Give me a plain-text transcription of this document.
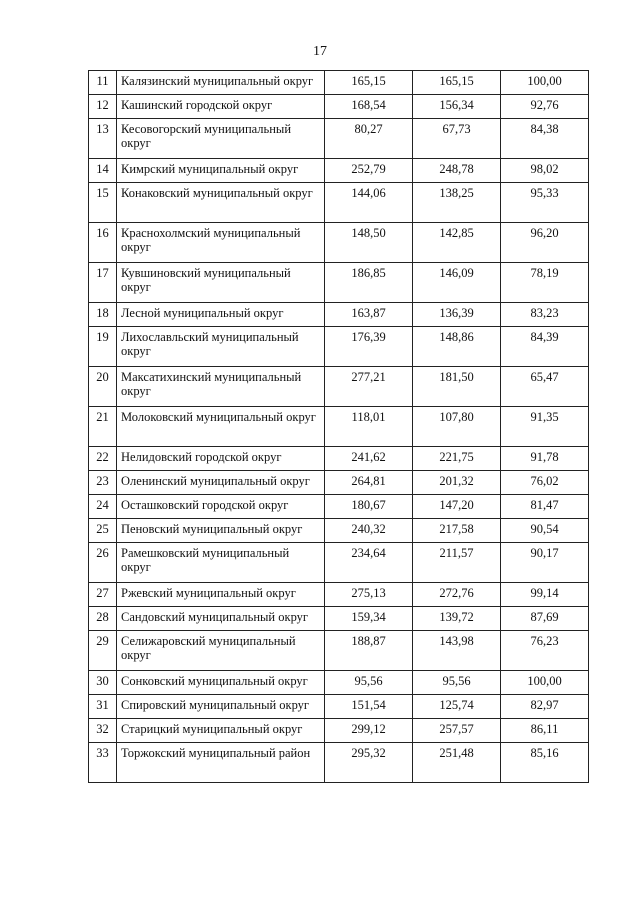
17
11	Калязинский муниципальный округ	165,15	165,15	100,00
12	Кашинский городской округ	168,54	156,34	92,76
13	Кесовогорский муниципальный округ	80,27	67,73	84,38
14	Кимрский муниципальный округ	252,79	248,78	98,02
15	Конаковский муниципальный округ	144,06	138,25	95,33
16	Краснохолмский муниципальный округ	148,50	142,85	96,20
17	Кувшиновский муниципальный округ	186,85	146,09	78,19
18	Лесной муниципальный округ	163,87	136,39	83,23
19	Лихославльский муниципальный округ	176,39	148,86	84,39
20	Максатихинский муниципальный округ	277,21	181,50	65,47
21	Молоковский муниципальный округ	118,01	107,80	91,35
22	Нелидовский городской округ	241,62	221,75	91,78
23	Оленинский муниципальный округ	264,81	201,32	76,02
24	Осташковский городской округ	180,67	147,20	81,47
25	Пеновский муниципальный округ	240,32	217,58	90,54
26	Рамешковский муниципальный округ	234,64	211,57	90,17
27	Ржевский муниципальный округ	275,13	272,76	99,14
28	Сандовский муниципальный округ	159,34	139,72	87,69
29	Селижаровский муниципальный округ	188,87	143,98	76,23
30	Сонковский муниципальный округ	95,56	95,56	100,00
31	Спировский муниципальный округ	151,54	125,74	82,97
32	Старицкий муниципальный округ	299,12	257,57	86,11
33	Торжокский муниципальный район	295,32	251,48	85,16
